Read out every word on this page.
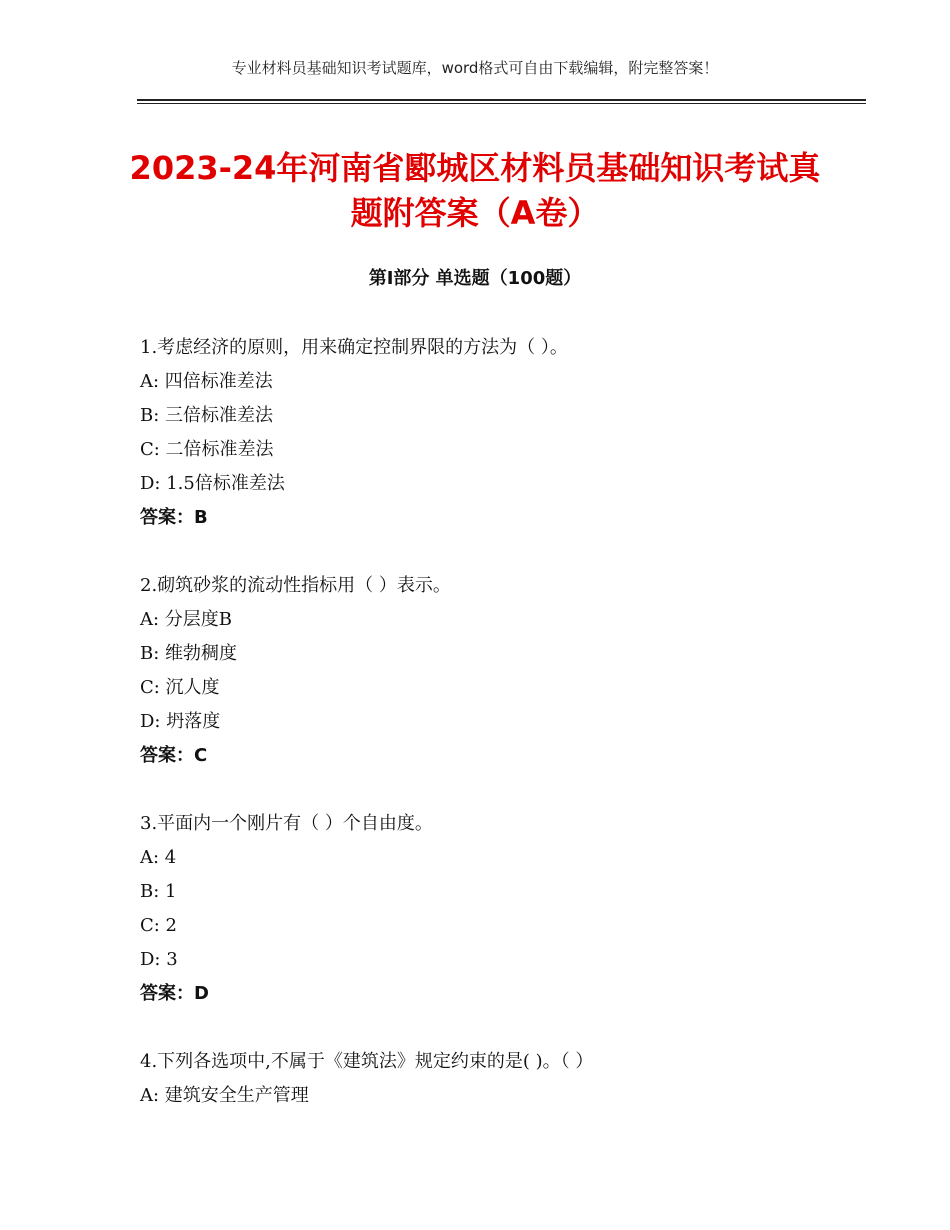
专业材料员基础知识考试题库，word格式可自由下载编辑，附完整答案！
2023-24年河南省郾城区材料员基础知识考试真题附答案（A卷）
第Ⅰ部分 单选题（100题）
1.考虑经济的原则，用来确定控制界限的方法为（ ）。
A: 四倍标准差法
B: 三倍标准差法
C: 二倍标准差法
D: 1.5倍标准差法
答案：B
2.砌筑砂浆的流动性指标用（ ）表示。
A: 分层度B
B: 维勃稠度
C: 沉人度
D: 坍落度
答案：C
3.平面内一个刚片有（ ）个自由度。
A: 4
B: 1
C: 2
D: 3
答案：D
4.下列各选项中,不属于《建筑法》规定约束的是( )。（ ）
A: 建筑安全生产管理
